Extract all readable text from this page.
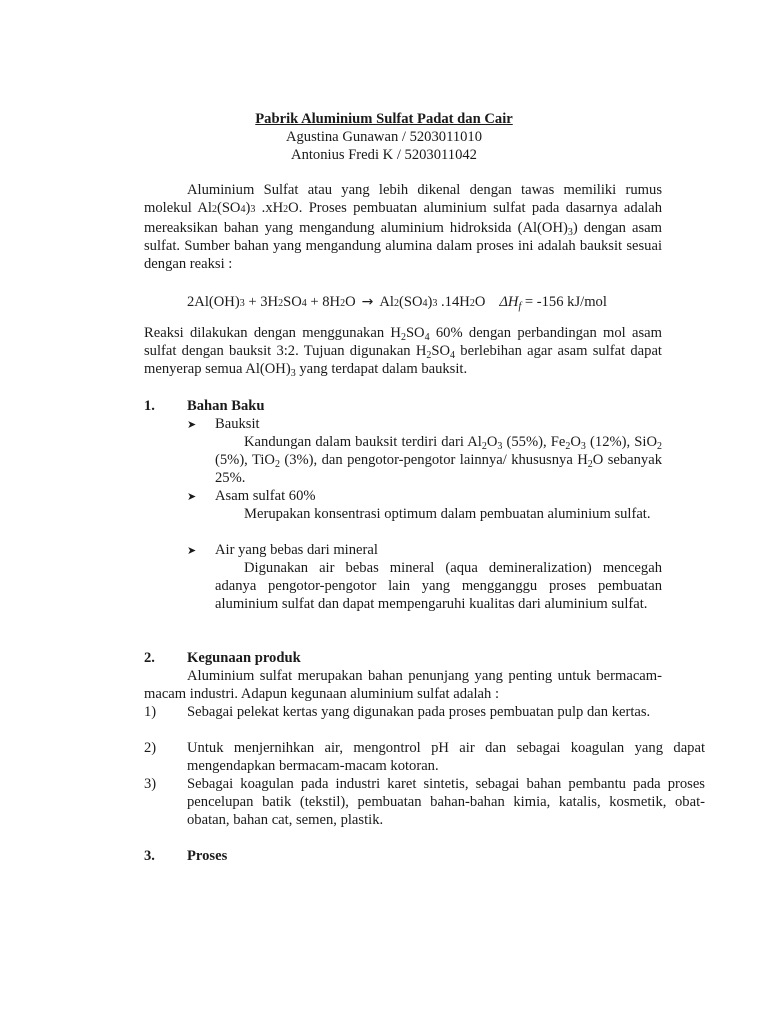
Pabrik Aluminium Sulfat Padat dan Cair
Agustina Gunawan / 5203011010
Antonius Fredi K / 5203011042
Aluminium Sulfat atau yang lebih dikenal dengan tawas memiliki rumus molekul Al2(SO4)3 .xH2O. Proses pembuatan aluminium sulfat pada dasarnya adalah mereaksikan bahan yang mengandung aluminium hidroksida $(Al(OH)_3)$ dengan asam sulfat. Sumber bahan yang mengandung alumina dalam proses ini adalah bauksit sesuai dengan reaksi :
2Al(OH)3 + 3H2SO4 + 8H2O → Al2(SO4)3 .14H2O $\Delta H_f = -156$ kJ/mol
Reaksi dilakukan dengan menggunakan $H_2SO_4$ 60% dengan perbandingan mol asam sulfat dengan bauksit 3:2. Tujuan digunakan $H_2SO_4$ berlebihan agar asam sulfat dapat menyerap semua $Al(OH)_3$ yang terdapat dalam bauksit.
1. Bahan Baku
➤ Bauksit
Kandungan dalam bauksit terdiri dari $Al_2O_3$ (55%), $Fe_2O_3$ (12%), SiO$_2$ (5%), TiO$_2$ (3%), dan pengotor-pengotor lainnya/ khususnya $H_2O$ sebanyak 25%.
➤ Asam sulfat 60%
Merupakan konsentrasi optimum dalam pembuatan aluminium sulfat.
➤ Air yang bebas dari mineral
Digunakan air bebas mineral (aqua demineralization) mencegah adanya pengotor-pengotor lain yang mengganggu proses pembuatan aluminium sulfat dan dapat mempengaruhi kualitas dari aluminium sulfat.
2. Kegunaan produk
Aluminium sulfat merupakan bahan penunjang yang penting untuk bermacam-macam industri. Adapun kegunaan aluminium sulfat adalah :
1) Sebagai pelekat kertas yang digunakan pada proses pembuatan pulp dan kertas.
2) Untuk menjernihkan air, mengontrol pH air dan sebagai koagulan yang dapat mengendapkan bermacam-macam kotoran.
3) Sebagai koagulan pada industri karet sintetis, sebagai bahan pembantu pada proses pencelupan batik (tekstil), pembuatan bahan-bahan kimia, katalis, kosmetik, obat-obatan, bahan cat, semen, plastik.
3. Proses
